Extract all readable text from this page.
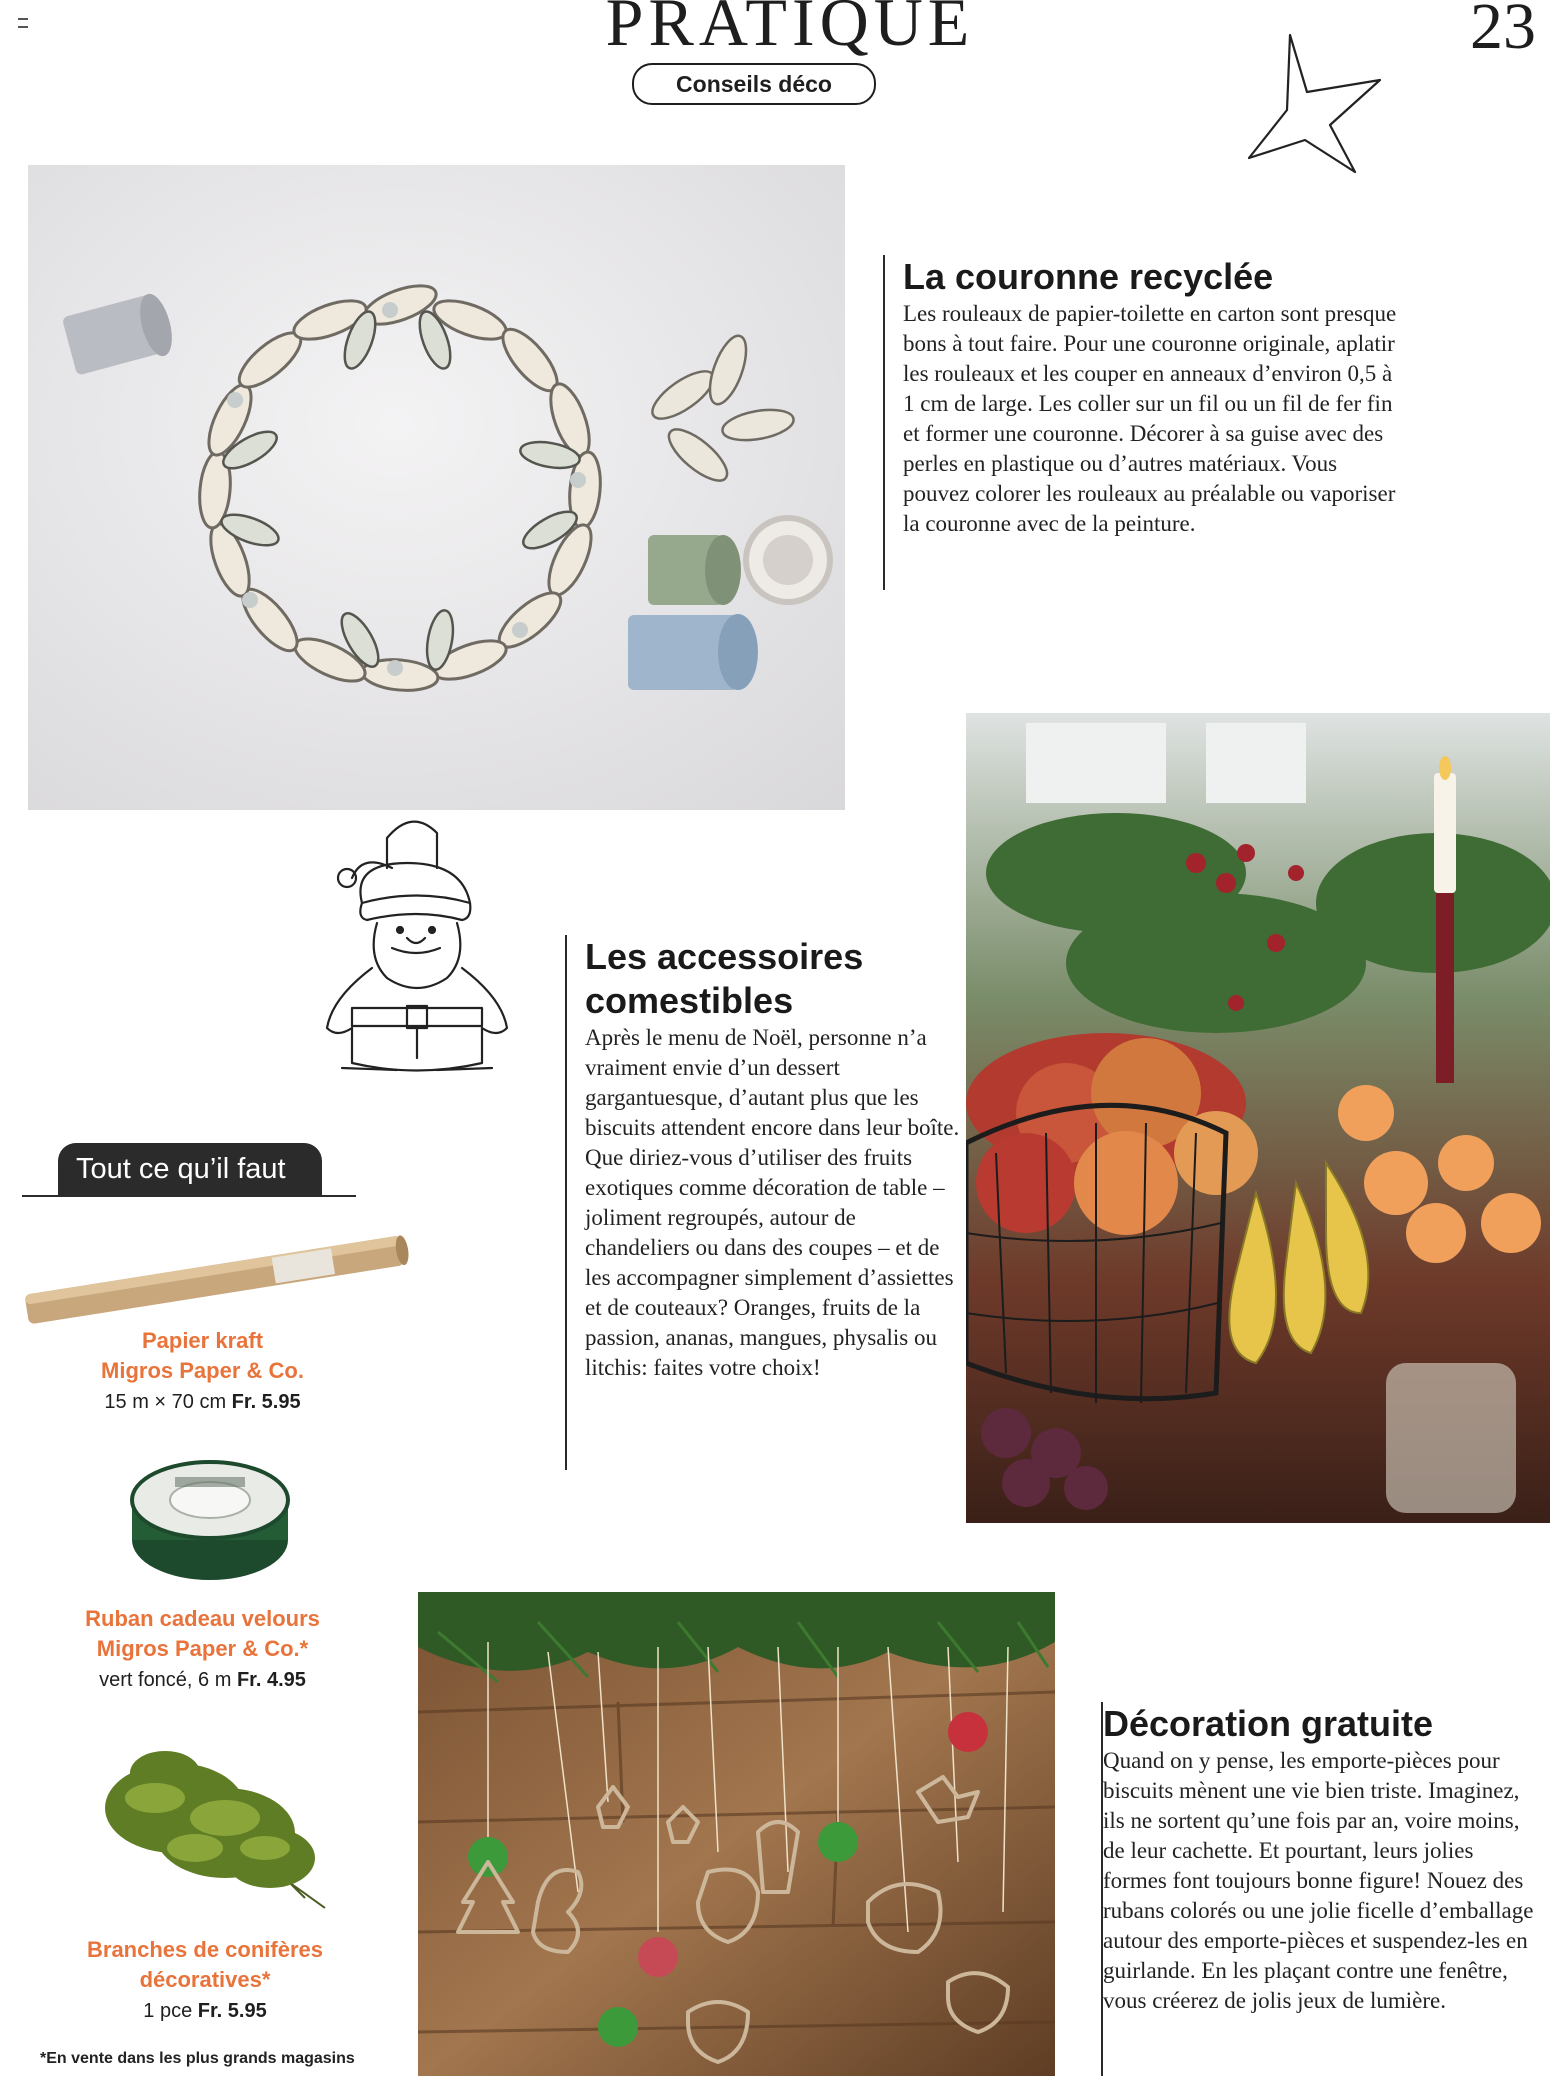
PRATIQUE
Conseils déco
23
La couronne recyclée

Les rouleaux de papier-toilette en carton sont presque bons à tout faire. Pour une couronne originale, aplatir les rouleaux et les couper en anneaux d’environ 0,5 à 1 cm de large. Les coller sur un fil ou un fil de fer fin et former une couronne. Décorer à sa guise avec des perles en plastique ou d’autres matériaux. Vous pouvez colorer les rouleaux au préalable ou vaporiser la couronne avec de la peinture.

Les accessoires comestibles

Après le menu de Noël, personne n’a vraiment envie d’un dessert gargantuesque, d’autant plus que les biscuits attendent encore dans leur boîte. Que diriez-vous d’utiliser des fruits exotiques comme décoration de table – joliment regroupés, autour de chandeliers ou dans des coupes – et de les accompagner simplement d’assiettes et de couteaux? Oranges, fruits de la passion, ananas, mangues, physalis ou litchis: faites votre choix!

Tout ce qu’il faut
Papier kraft
Migros Paper & Co.
15 m × 70 cm Fr. 5.95
Ruban cadeau velours
Migros Paper & Co.*
vert foncé, 6 m Fr. 4.95
Branches de conifères
décoratives*
1 pce Fr. 5.95
*En vente dans les plus grands magasins
Décoration gratuite

Quand on y pense, les emporte-pièces pour biscuits mènent une vie bien triste. Imaginez, ils ne sortent qu’une fois par an, voire moins, de leur cachette. Et pourtant, leurs jolies formes font toujours bonne figure! Nouez des rubans colorés ou une jolie ficelle d’emballage autour des emporte-pièces et suspendez-les en guirlande. En les plaçant contre une fenêtre, vous créerez de jolis jeux de lumière.
